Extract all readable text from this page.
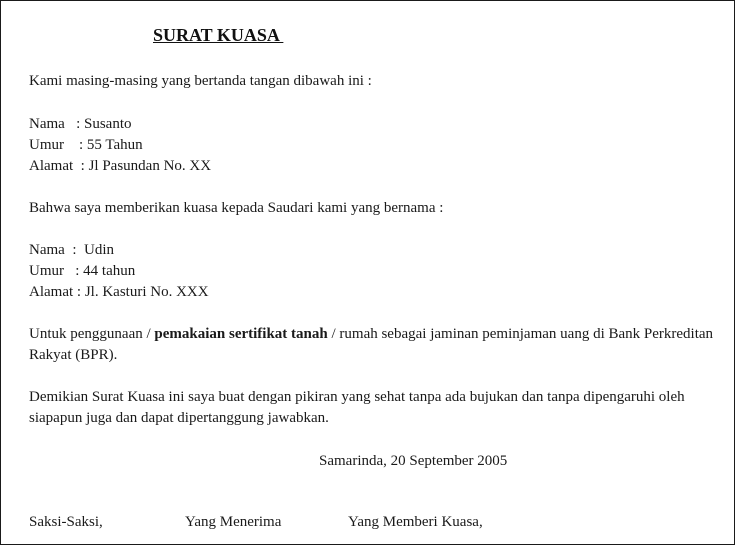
SURAT KUASA
Kami masing-masing yang bertanda tangan dibawah ini :
Nama   : Susanto
Umur    : 55 Tahun
Alamat  : Jl Pasundan No. XX
Bahwa saya memberikan kuasa kepada Saudari kami yang bernama :
Nama  :  Udin
Umur   : 44 tahun
Alamat : Jl. Kasturi No. XXX
Untuk penggunaan / pemakaian sertifikat tanah / rumah sebagai jaminan peminjaman uang di Bank Perkreditan Rakyat (BPR).
Demikian Surat Kuasa ini saya buat dengan pikiran yang sehat tanpa ada bujukan dan tanpa dipengaruhi oleh siapapun juga dan dapat dipertanggung jawabkan.
Samarinda, 20 September 2005
Saksi-Saksi,	Yang Menerima	Yang Memberi Kuasa,
